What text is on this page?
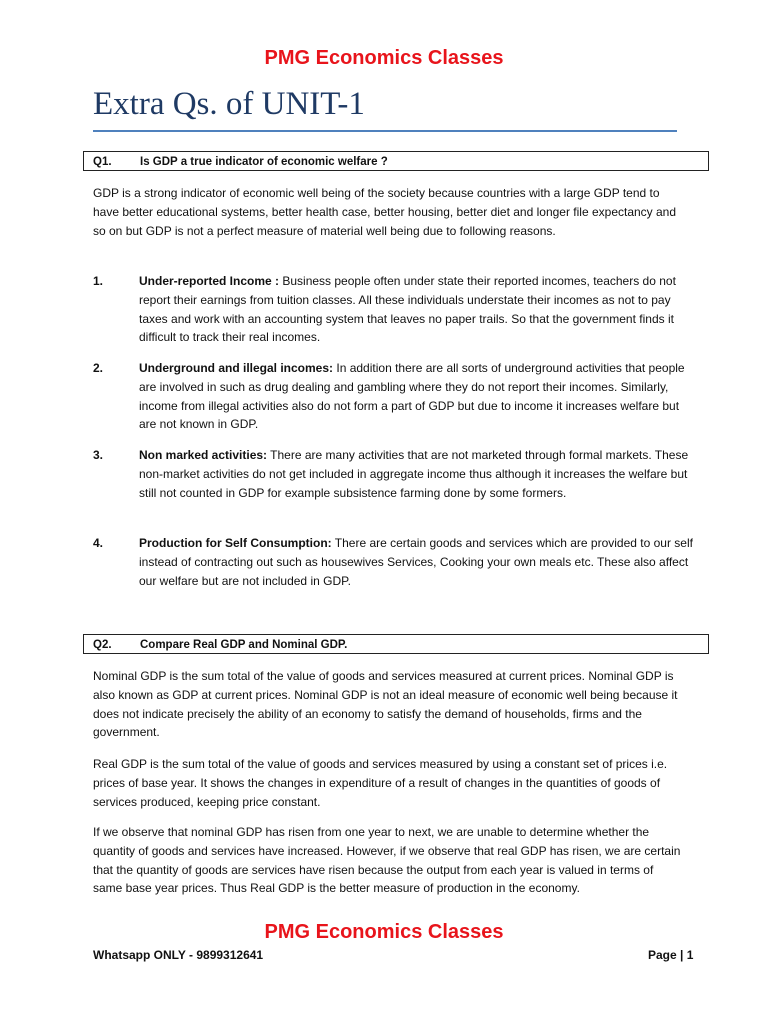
PMG Economics Classes
Extra Qs. of UNIT-1
Q1. Is GDP a true indicator of economic welfare ?
GDP is a strong indicator of economic well being of the society because countries with a large GDP tend to have better educational systems, better health case, better housing, better diet and longer file expectancy and so on but GDP is not a perfect measure of material well being due to following reasons.
1.	Under-reported Income : Business people often under state their reported incomes, teachers do not report their earnings from tuition classes. All these individuals understate their incomes as not to pay taxes and work with an accounting system that leaves no paper trails. So that the government finds it difficult to track their real incomes.
2.	Underground and illegal incomes: In addition there are all sorts of underground activities that people are involved in such as drug dealing and gambling where they do not report their incomes. Similarly, income from illegal activities also do not form a part of GDP but due to income it increases welfare but are not known in GDP.
3.	Non marked activities: There are many activities that are not marketed through formal markets. These non-market activities do not get included in aggregate income thus although it increases the welfare but still not counted in GDP for example subsistence farming done by some formers.
4.	Production for Self Consumption: There are certain goods and services which are provided to our self instead of contracting out such as housewives Services, Cooking your own meals etc. These also affect our welfare but are not included in GDP.
Q2. Compare Real GDP and Nominal GDP.
Nominal GDP is the sum total of the value of goods and services measured at current prices. Nominal GDP is also known as GDP at current prices. Nominal GDP is not an ideal measure of economic well being because it does not indicate precisely the ability of an economy to satisfy the demand of households, firms and the government.
Real GDP is the sum total of the value of goods and services measured by using a constant set of prices i.e. prices of base year. It shows the changes in expenditure of a result of changes in the quantities of goods of services produced, keeping price constant.
If we observe that nominal GDP has risen from one year to next, we are unable to determine whether the quantity of goods and services have increased. However, if we observe that real GDP has risen, we are certain that the quantity of goods are services have risen because the output from each year is valued in terms of same base year prices. Thus Real GDP is the better measure of production in the economy.
PMG Economics Classes
Whatsapp ONLY - 9899312641	Page | 1
